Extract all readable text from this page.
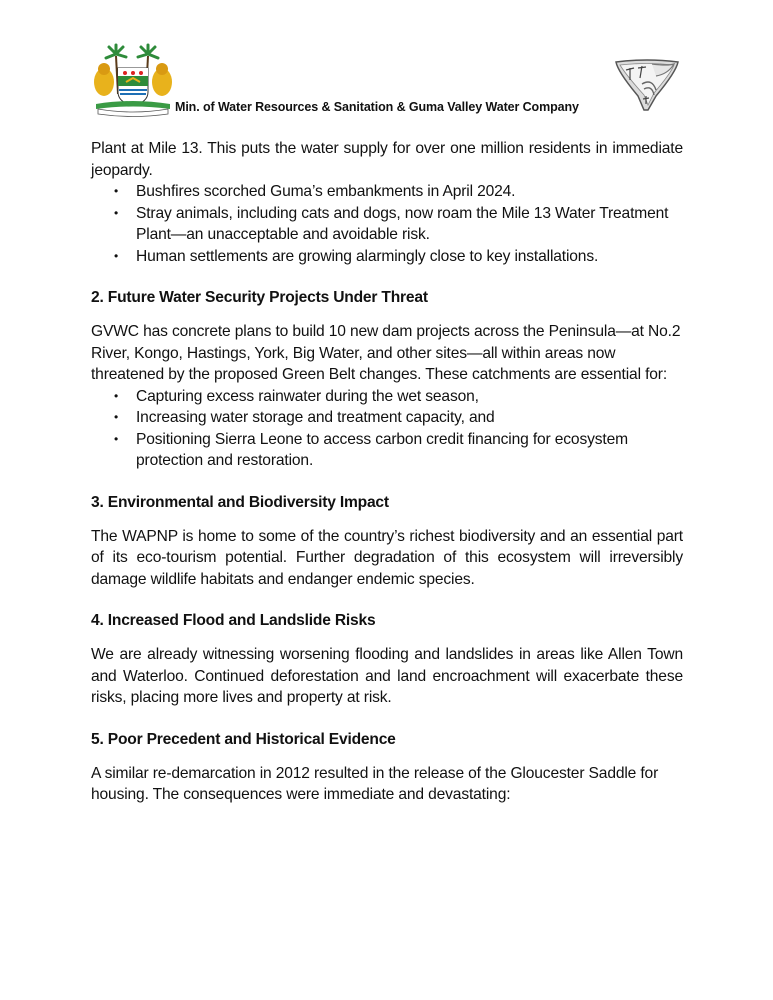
Min. of Water Resources & Sanitation & Guma Valley Water Company

Plant at Mile 13. This puts the water supply for over one million residents in immediate jeopardy.

• Bushfires scorched Guma’s embankments in April 2024.
• Stray animals, including cats and dogs, now roam the Mile 13 Water Treatment Plant—an unacceptable and avoidable risk.
• Human settlements are growing alarmingly close to key installations.
2. Future Water Security Projects Under Threat

GVWC has concrete plans to build 10 new dam projects across the Peninsula—at No.2 River, Kongo, Hastings, York, Big Water, and other sites—all within areas now threatened by the proposed Green Belt changes. These catchments are essential for:

• Capturing excess rainwater during the wet season,
• Increasing water storage and treatment capacity, and
• Positioning Sierra Leone to access carbon credit financing for ecosystem protection and restoration.
3. Environmental and Biodiversity Impact

The WAPNP is home to some of the country’s richest biodiversity and an essential part of its eco-tourism potential. Further degradation of this ecosystem will irreversibly damage wildlife habitats and endanger endemic species.

4. Increased Flood and Landslide Risks

We are already witnessing worsening flooding and landslides in areas like Allen Town and Waterloo. Continued deforestation and land encroachment will exacerbate these risks, placing more lives and property at risk.

5. Poor Precedent and Historical Evidence

A similar re-demarcation in 2012 resulted in the release of the Gloucester Saddle for housing. The consequences were immediate and devastating:
